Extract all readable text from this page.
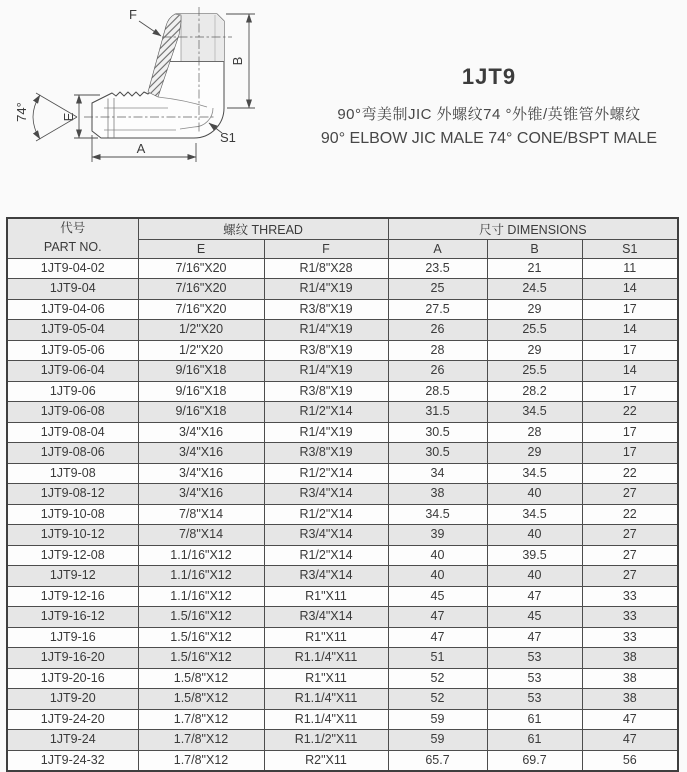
E
74°
B
A
F
S1
1JT9
90°弯美制JIC 外螺纹74 °外锥/英锥管外螺纹
90° ELBOW JIC MALE 74° CONE/BSPT MALE
代号
PART NO.	螺纹 THREAD		尺寸 DIMENSIONS		
	E	F	A	B	S1
1JT9-04-02	7/16"X20	R1/8"X28	23.5	21	11
1JT9-04	7/16"X20	R1/4"X19	25	24.5	14
1JT9-04-06	7/16"X20	R3/8"X19	27.5	29	17
1JT9-05-04	1/2"X20	R1/4"X19	26	25.5	14
1JT9-05-06	1/2"X20	R3/8"X19	28	29	17
1JT9-06-04	9/16"X18	R1/4"X19	26	25.5	14
1JT9-06	9/16"X18	R3/8"X19	28.5	28.2	17
1JT9-06-08	9/16"X18	R1/2"X14	31.5	34.5	22
1JT9-08-04	3/4"X16	R1/4"X19	30.5	28	17
1JT9-08-06	3/4"X16	R3/8"X19	30.5	29	17
1JT9-08	3/4"X16	R1/2"X14	34	34.5	22
1JT9-08-12	3/4"X16	R3/4"X14	38	40	27
1JT9-10-08	7/8"X14	R1/2"X14	34.5	34.5	22
1JT9-10-12	7/8"X14	R3/4"X14	39	40	27
1JT9-12-08	1.1/16"X12	R1/2"X14	40	39.5	27
1JT9-12	1.1/16"X12	R3/4"X14	40	40	27
1JT9-12-16	1.1/16"X12	R1"X11	45	47	33
1JT9-16-12	1.5/16"X12	R3/4"X14	47	45	33
1JT9-16	1.5/16"X12	R1"X11	47	47	33
1JT9-16-20	1.5/16"X12	R1.1/4"X11	51	53	38
1JT9-20-16	1.5/8"X12	R1"X11	52	53	38
1JT9-20	1.5/8"X12	R1.1/4"X11	52	53	38
1JT9-24-20	1.7/8"X12	R1.1/4"X11	59	61	47
1JT9-24	1.7/8"X12	R1.1/2"X11	59	61	47
1JT9-24-32	1.7/8"X12	R2"X11	65.7	69.7	56
